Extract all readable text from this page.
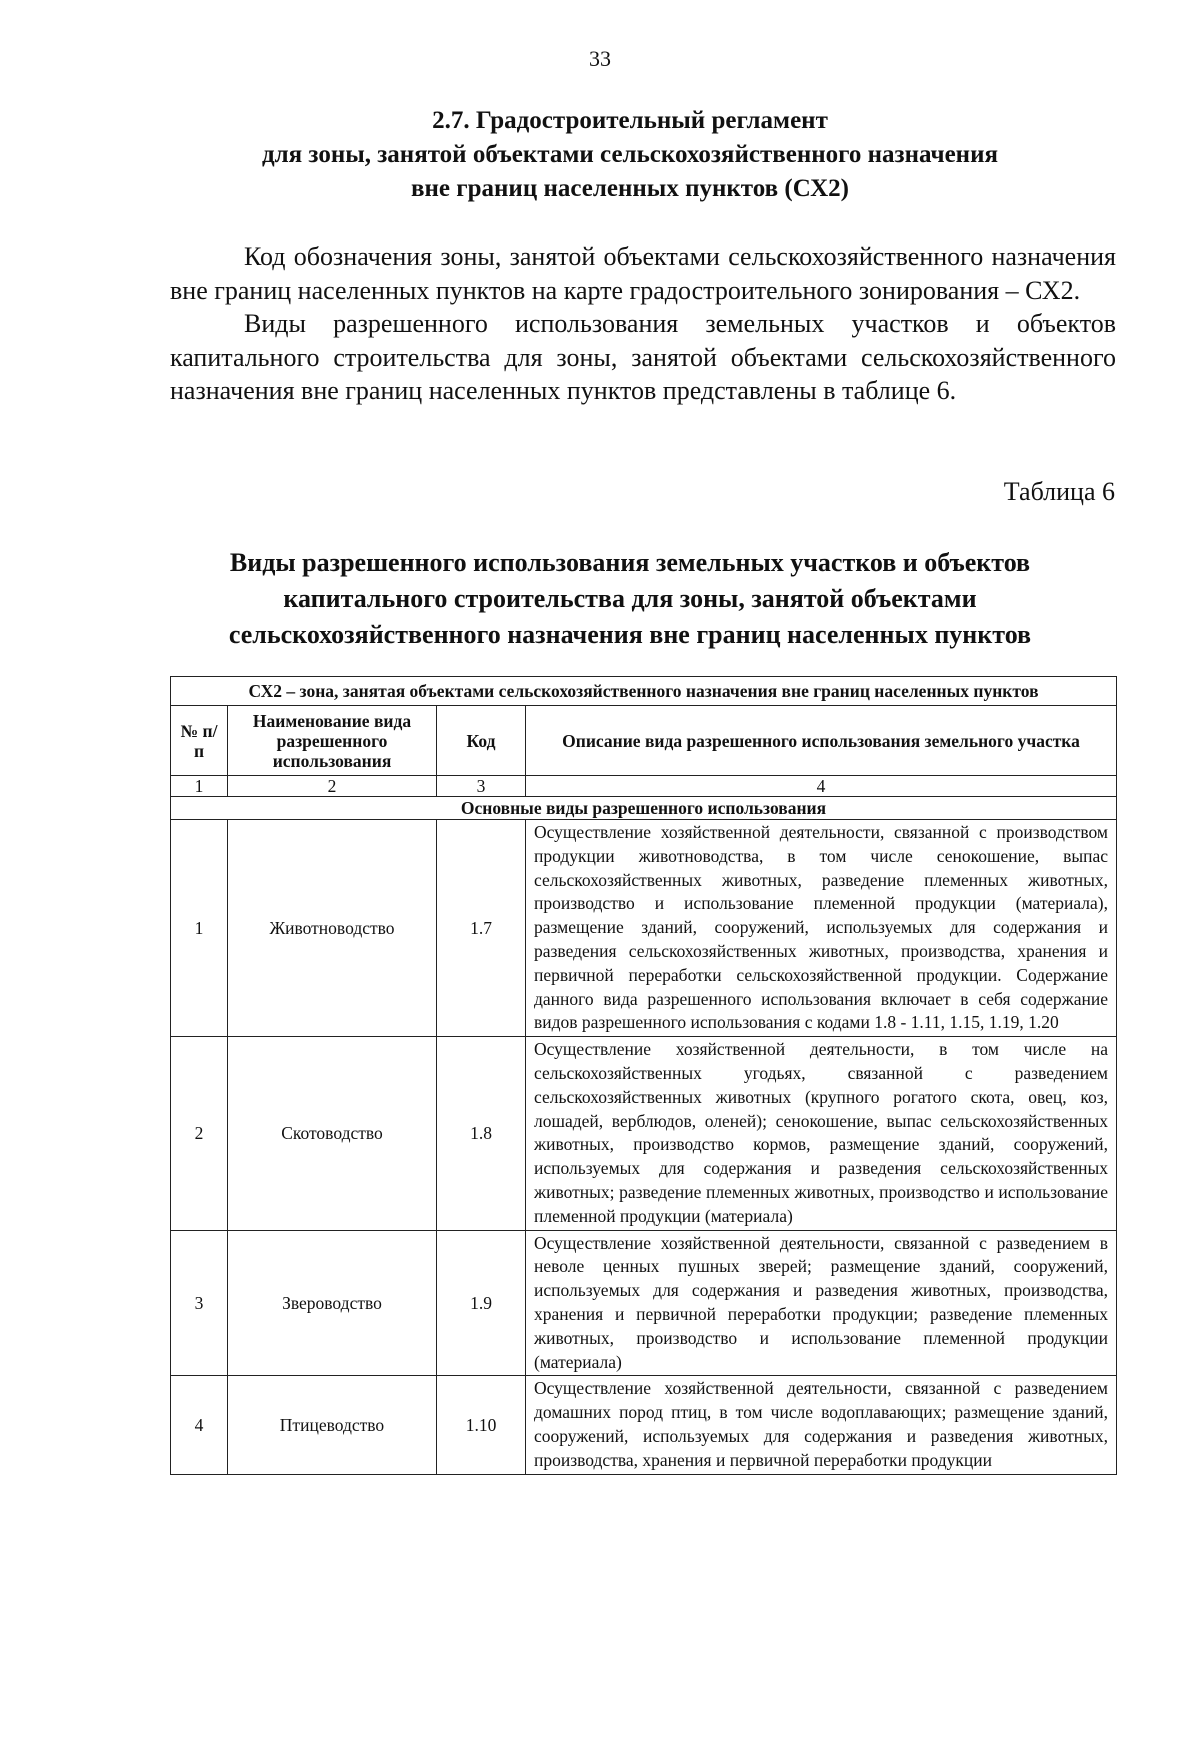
33
2.7. Градостроительный регламент
для зоны, занятой объектами сельскохозяйственного назначения
вне границ населенных пунктов (СХ2)

Код обозначения зоны, занятой объектами сельскохозяйственного назначения вне границ населенных пунктов на карте градостроительного зонирования – СХ2.

Виды разрешенного использования земельных участков и объектов капитального строительства для зоны, занятой объектами сельскохозяйственного назначения вне границ населенных пунктов представлены в таблице 6.

Таблица 6
Виды разрешенного использования земельных участков и объектов
капитального строительства для зоны, занятой объектами
сельскохозяйственного назначения вне границ населенных пунктов
СХ2 – зона, занятая объектами сельскохозяйственного назначения вне границ населенных пунктов			
№ п/п	Наименование вида разрешенного использования	Код	Описание вида разрешенного использования земельного участка
1	2	3	4
Основные виды разрешенного использования			
1	Животноводство	1.7	Осуществление хозяйственной деятельности, связанной с производством продукции животноводства, в том числе сенокошение, выпас сельскохозяйственных животных, разведение племенных животных, производство и использование племенной продукции (материала), размещение зданий, сооружений, используемых для содержания и разведения сельскохозяйственных животных, производства, хранения и первичной переработки сельскохозяйственной продукции. Содержание данного вида разрешенного использования включает в себя содержание видов разрешенного использования с кодами 1.8 - 1.11, 1.15, 1.19, 1.20
2	Скотоводство	1.8	Осуществление хозяйственной деятельности, в том числе на сельскохозяйственных угодьях, связанной с разведением сельскохозяйственных животных (крупного рогатого скота, овец, коз, лошадей, верблюдов, оленей); сенокошение, выпас сельскохозяйственных животных, производство кормов, размещение зданий, сооружений, используемых для содержания и разведения сельскохозяйственных животных; разведение племенных животных, производство и использование племенной продукции (материала)
3	Звероводство	1.9	Осуществление хозяйственной деятельности, связанной с разведением в неволе ценных пушных зверей; размещение зданий, сооружений, используемых для содержания и разведения животных, производства, хранения и первичной переработки продукции; разведение племенных животных, производство и использование племенной продукции (материала)
4	Птицеводство	1.10	Осуществление хозяйственной деятельности, связанной с разведением домашних пород птиц, в том числе водоплавающих; размещение зданий, сооружений, используемых для содержания и разведения животных, производства, хранения и первичной переработки продукции
